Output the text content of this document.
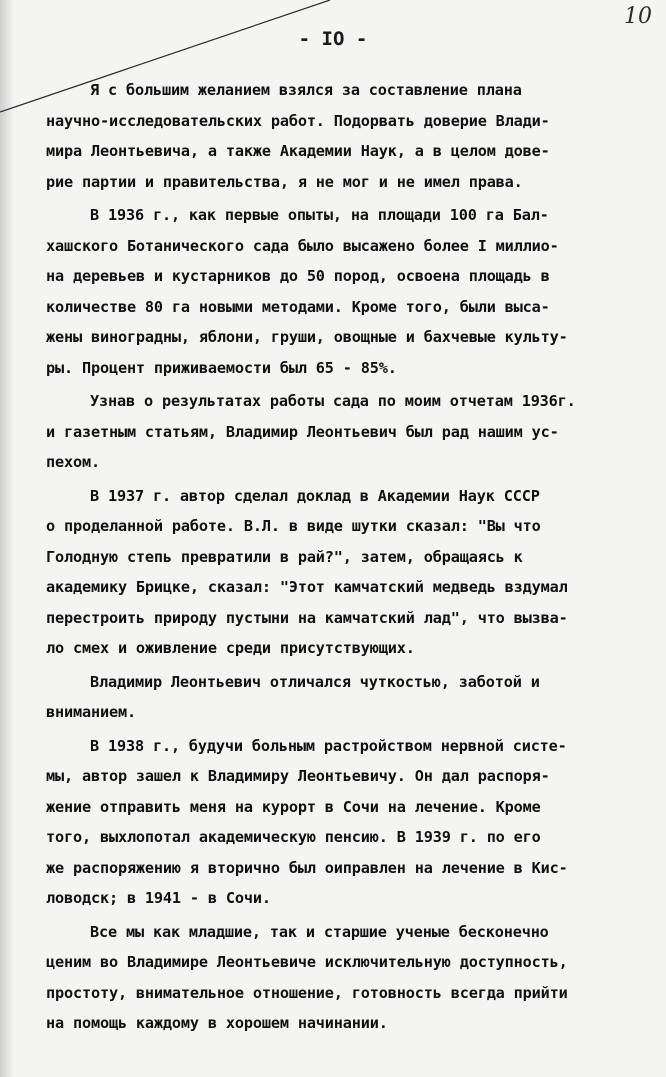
- IO -
10
Я с большим желанием взялся за составление плана
научно-исследовательских работ. Подорвать доверие Влади-
мира Леонтьевича, а также Академии Наук, а в целом дове-
рие партии и правительства, я не мог и не имел права.
В 1936 г., как первые опыты, на площади 100 га Бал-
хашского Ботанического сада было высажено более I миллио-
на деревьев и кустарников до 50 пород, освоена площадь в
количестве 80 га новыми методами. Кроме того, были выса-
жены виноградны, яблони, груши, овощные и бахчевые культу-
ры. Процент приживаемости был 65 - 85%.
Узнав о результатах работы сада по моим отчетам 1936г.
и газетным статьям, Владимир Леонтьевич был рад нашим ус-
пехом.
В 1937 г. автор сделал доклад в Академии Наук СССР
о проделанной работе. В.Л. в виде шутки сказал: "Вы что
Голодную степь превратили в рай?", затем, обращаясь к
академику Брицке, сказал: "Этот камчатский медведь вздумал
перестроить природу пустыни на камчатский лад", что вызва-
ло смех и оживление среди присутствующих.
Владимир Леонтьевич отличался чуткостью, заботой и
вниманием.
В 1938 г., будучи больным растройством нервной систе-
мы, автор зашел к Владимиру Леонтьевичу. Он дал распоря-
жение отправить меня на курорт в Сочи на лечение. Кроме
того, выхлопотал академическую пенсию. В 1939 г. по его
же распоряжению я вторично был оиправлен на лечение в Кис-
ловодск; в 1941 - в Сочи.
Все мы как младшие, так и старшие ученые бесконечно
ценим во Владимире Леонтьевиче исключительную доступность,
простоту, внимательное отношение, готовность всегда прийти
на помощь каждому в хорошем начинании.
